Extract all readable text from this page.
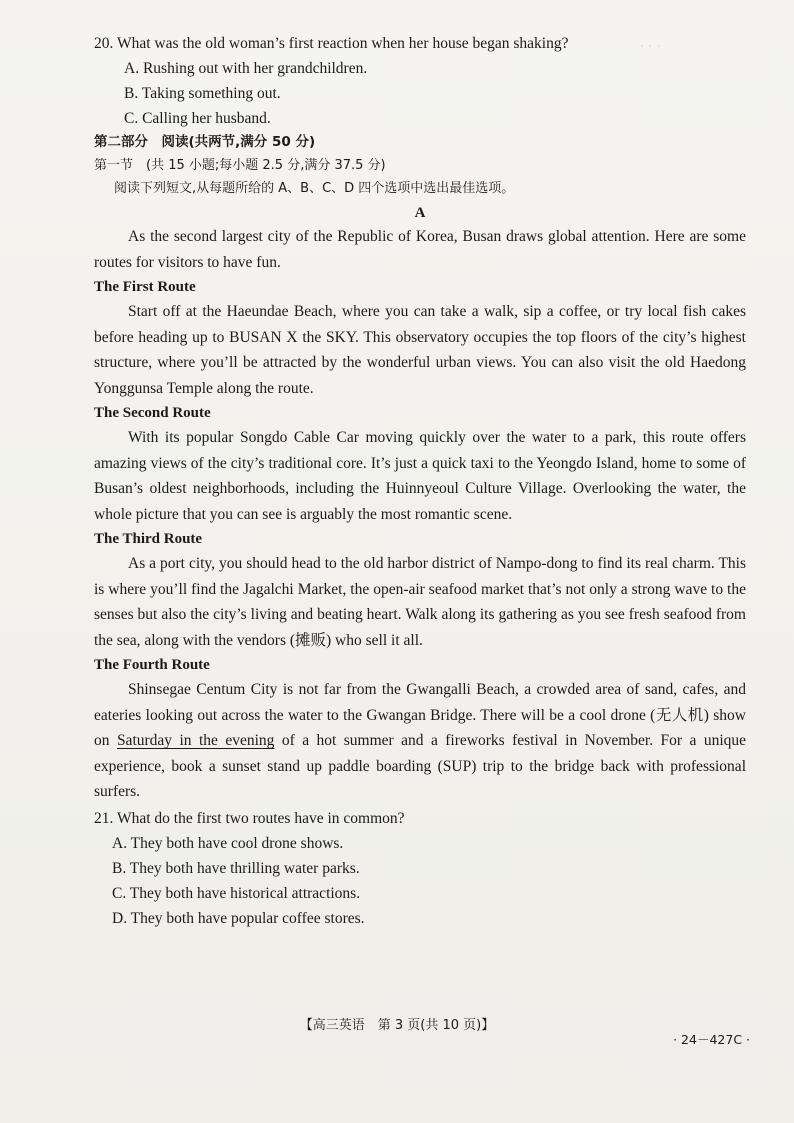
· · ·

20. What was the old woman’s first reaction when her house began shaking?

A. Rushing out with her grandchildren.

B. Taking something out.

C. Calling her husband.

第二部分　阅读(共两节,满分 50 分)

第一节　(共 15 小题;每小题 2.5 分,满分 37.5 分)

阅读下列短文,从每题所给的 A、B、C、D 四个选项中选出最佳选项。

A

As the second largest city of the Republic of Korea, Busan draws global attention. Here are some routes for visitors to have fun.

The First Route

Start off at the Haeundae Beach, where you can take a walk, sip a coffee, or try local fish cakes before heading up to BUSAN X the SKY. This observatory occupies the top floors of the city’s highest structure, where you’ll be attracted by the wonderful urban views. You can also visit the old Haedong Yonggunsa Temple along the route.

The Second Route

With its popular Songdo Cable Car moving quickly over the water to a park, this route offers amazing views of the city’s traditional core. It’s just a quick taxi to the Yeongdo Island, home to some of Busan’s oldest neighborhoods, including the Huinnyeoul Culture Village. Overlooking the water, the whole picture that you can see is arguably the most romantic scene.

The Third Route

As a port city, you should head to the old harbor district of Nampo-dong to find its real charm. This is where you’ll find the Jagalchi Market, the open-air seafood market that’s not only a strong wave to the senses but also the city’s living and beating heart. Walk along its gathering as you see fresh seafood from the sea, along with the vendors (摊贩) who sell it all.

The Fourth Route

Shinsegae Centum City is not far from the Gwangalli Beach, a crowded area of sand, cafes, and eateries looking out across the water to the Gwangan Bridge. There will be a cool drone (无人机) show on Saturday in the evening of a hot summer and a fireworks festival in November. For a unique experience, book a sunset stand up paddle boarding (SUP) trip to the bridge back with professional surfers.

21. What do the first two routes have in common?

A. They both have cool drone shows.

B. They both have thrilling water parks.

C. They both have historical attractions.

D. They both have popular coffee stores.

【高三英语　第 3 页(共 10 页)】
· 24－427C ·
